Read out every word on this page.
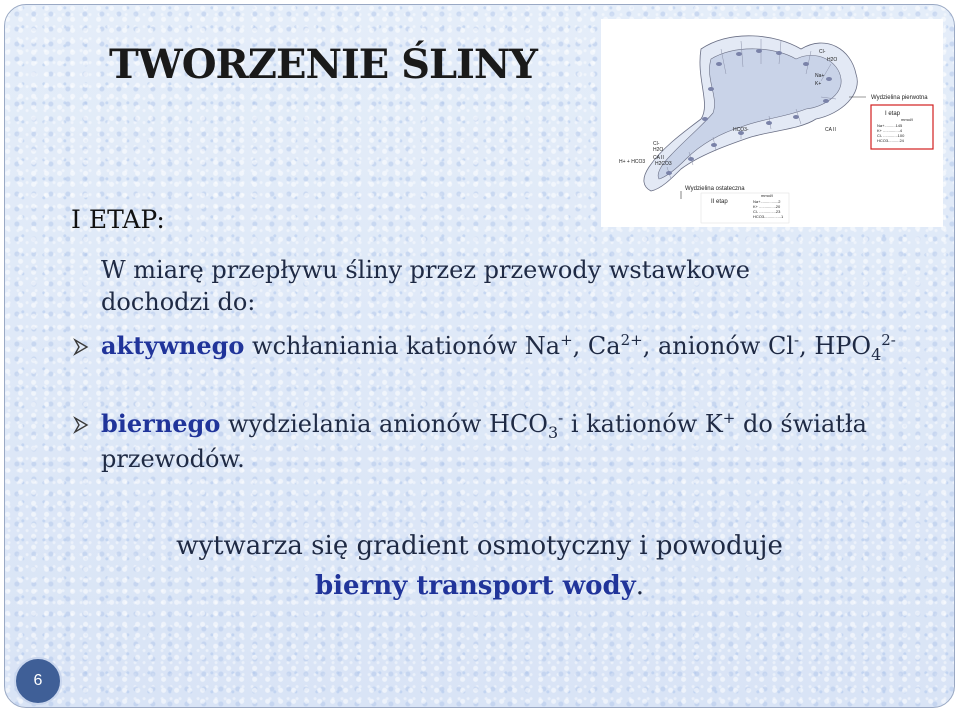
TWORZENIE ŚLINY	Cl-
H2O
Na+
K+
CA II
HCO3-
H2O
Cl-
CA II
H+ + HCO3 H2CO3
Wydzielina pierwotna
I etap
mmol/l
Na+..........145
K+ ...............4
Cl- .............100
HCO3-.........24
Wydzielina ostateczna
II etap
mmol/l
Na+................2
K+ ...............20
Cl- ...............23
HCO3-..............1

I ETAP:

W miarę przepływu śliny przez przewody wstawkowe dochodzi do:
aktywnego wchłaniania kationów Na+, $Ca^{2+}$, anionów Cl-, $HPO_4^{2-}$
biernego wydzielania anionów $HCO_3^-$ i kationów K+ do światła przewodów.
wytwarza się gradient osmotyczny i powoduje
bierny transport wody.
6
